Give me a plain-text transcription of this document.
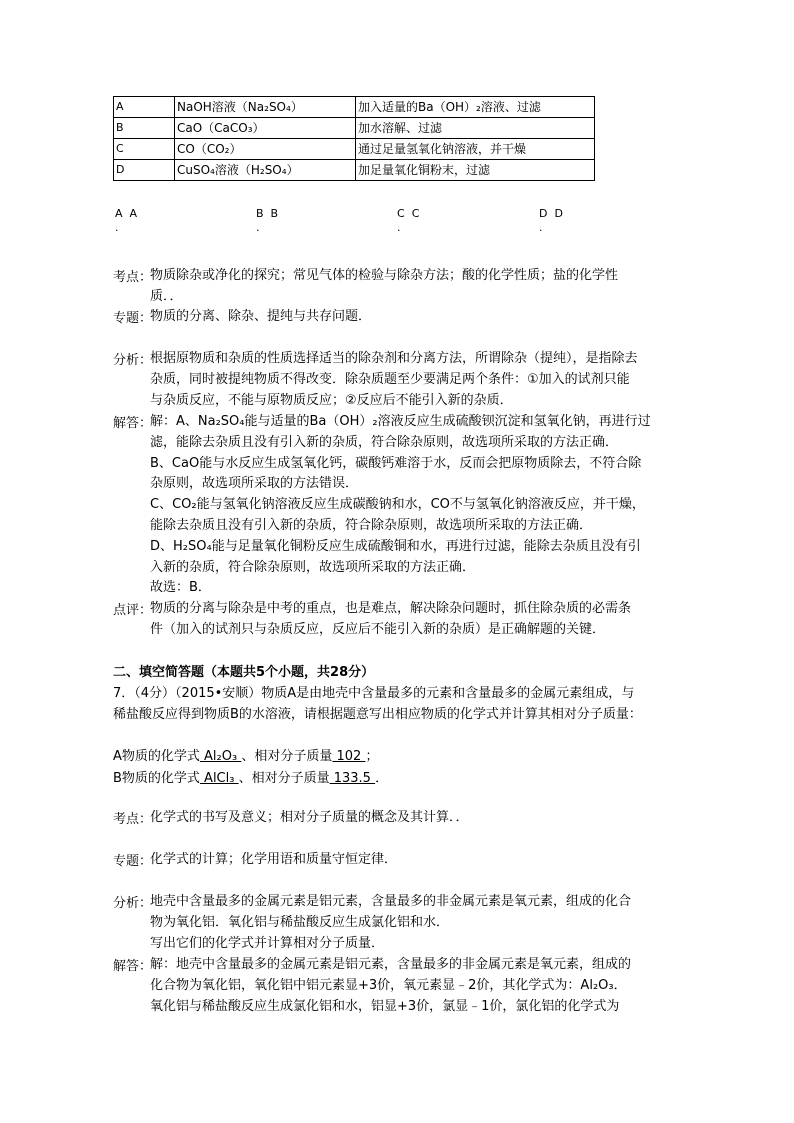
A	NaOH溶液（Na₂SO₄）	加入适量的Ba（OH）₂溶液、过滤
B	CaO（CaCO₃）	加水溶解、过滤
C	CO（CO₂）	通过足量氢氧化钠溶液，并干燥
D	CuSO₄溶液（H₂SO₄）	加足量氧化铜粉末，过滤
A A
.
B B
.
C C
.
D D
.
考点：
物质除杂或净化的探究；常见气体的检验与除杂方法；酸的化学性质；盐的化学性
质．．
专题：
物质的分离、除杂、提纯与共存问题．
分析：
根据原物质和杂质的性质选择适当的除杂剂和分离方法，所谓除杂（提纯），是指除去
杂质，同时被提纯物质不得改变．除杂质题至少要满足两个条件：①加入的试剂只能
与杂质反应，不能与原物质反应；②反应后不能引入新的杂质．
解答：
解：A、Na₂SO₄能与适量的Ba（OH）₂溶液反应生成硫酸钡沉淀和氢氧化钠，再进行过
滤，能除去杂质且没有引入新的杂质，符合除杂原则，故选项所采取的方法正确．
B、CaO能与水反应生成氢氧化钙，碳酸钙难溶于水，反而会把原物质除去，不符合除
杂原则，故选项所采取的方法错误．
C、CO₂能与氢氧化钠溶液反应生成碳酸钠和水，CO不与氢氧化钠溶液反应，并干燥，
能除去杂质且没有引入新的杂质，符合除杂原则，故选项所采取的方法正确．
D、H₂SO₄能与足量氧化铜粉反应生成硫酸铜和水，再进行过滤，能除去杂质且没有引
入新的杂质，符合除杂原则，故选项所采取的方法正确．
故选：B．
点评：
物质的分离与除杂是中考的重点，也是难点，解决除杂问题时，抓住除杂质的必需条
件（加入的试剂只与杂质反应，反应后不能引入新的杂质）是正确解题的关键．
二、填空简答题（本题共5个小题，共28分）
7．（4分）（2015•安顺）物质A是由地壳中含量最多的元素和含量最多的金属元素组成，与
稀盐酸反应得到物质B的水溶液，请根据题意写出相应物质的化学式并计算其相对分子质量：
A物质的化学式 Al₂O₃ 、相对分子质量 102 ；
B物质的化学式 AlCl₃ 、相对分子质量 133.5 ．
考点：
化学式的书写及意义；相对分子质量的概念及其计算．．
专题：
化学式的计算；化学用语和质量守恒定律．
分析：
地壳中含量最多的金属元素是铝元素，含量最多的非金属元素是氧元素，组成的化合
物为氧化铝．氧化铝与稀盐酸反应生成氯化铝和水．
写出它们的化学式并计算相对分子质量．
解答：
解：地壳中含量最多的金属元素是铝元素，含量最多的非金属元素是氧元素，组成的
化合物为氧化铝，氧化铝中铝元素显+3价，氧元素显﹣2价，其化学式为：Al₂O₃．
氧化铝与稀盐酸反应生成氯化铝和水，铝显+3价，氯显﹣1价，氯化铝的化学式为
